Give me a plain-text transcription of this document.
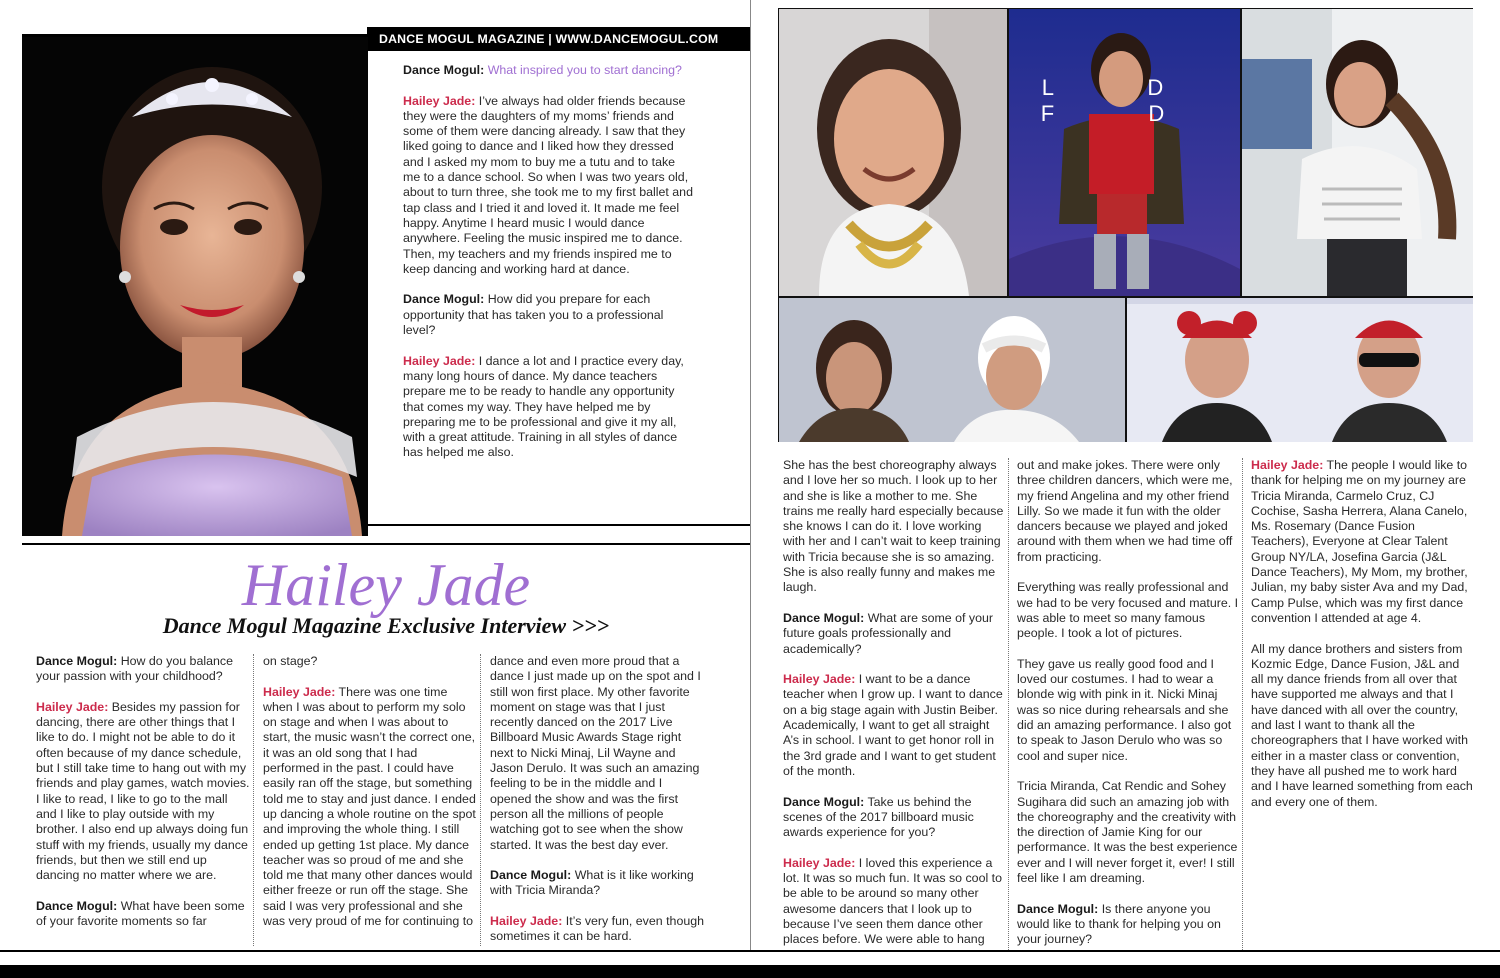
DANCE MOGUL MAGAZINE | WWW.DANCEMOGUL.COM

Dance Mogul: What inspired you to start dancing?

Hailey Jade: I’ve always had older friends because they were the daughters of my moms’ friends and some of them were dancing already. I saw that they liked going to dance and I liked how they dressed and I asked my mom to buy me a tutu and to take me to a dance school. So when I was two years old, about to turn three, she took me to my first ballet and tap class and I tried it and loved it. It made me feel happy. Anytime I heard music I would dance anywhere. Feeling the music inspired me to dance. Then, my teachers and my friends inspired me to keep dancing and working hard at dance.

Dance Mogul: How did you prepare for each opportunity that has taken you to a professional level?

Hailey Jade: I dance a lot and I practice every day, many long hours of dance. My dance teachers prepare me to be ready to handle any opportunity that comes my way. They have helped me by preparing me to be professional and give it my all, with a great attitude. Training in all styles of dance has helped me also.

Hailey Jade
Dance Mogul Magazine Exclusive Interview >>>

Dance Mogul: How do you balance your passion with your childhood?

Hailey Jade: Besides my passion for dancing, there are other things that I like to do. I might not be able to do it often because of my dance schedule, but I still take time to hang out with my friends and play games, watch movies. I like to read, I like to go to the mall and I like to play outside with my brother. I also end up always doing fun stuff with my friends, usually my dance friends, but then we still end up dancing no matter where we are.

Dance Mogul: What have been some of your favorite moments so far

on stage?

Hailey Jade: There was one time when I was about to perform my solo on stage and when I was about to start, the music wasn’t the correct one, it was an old song that I had performed in the past. I could have easily ran off the stage, but something told me to stay and just dance. I ended up dancing a whole routine on the spot and improving the whole thing. I still ended up getting 1st place. My dance teacher was so proud of me and she told me that many other dances would either freeze or run off the stage. She said I was very professional and she was very proud of me for continuing to

dance and even more proud that a dance I just made up on the spot and I still won first place. My other favorite moment on stage was that I just recently danced on the 2017 Live Billboard Music Awards Stage right next to Nicki Minaj, Lil Wayne and Jason Derulo. It was such an amazing feeling to be in the middle and I opened the show and was the first person all the millions of people watching got to see when the show started. It was the best day ever.

Dance Mogul: What is it like working with Tricia Miranda?

Hailey Jade: It’s very fun, even though sometimes it can be hard.

L D F D

She has the best choreography always and I love her so much. I look up to her and she is like a mother to me. She trains me really hard especially because she knows I can do it. I love working with her and I can’t wait to keep training with Tricia because she is so amazing. She is also really funny and makes me laugh.

Dance Mogul: What are some of your future goals professionally and academically?

Hailey Jade: I want to be a dance teacher when I grow up. I want to dance on a big stage again with Justin Beiber. Academically, I want to get all straight A’s in school. I want to get honor roll in the 3rd grade and I want to get student of the month.

Dance Mogul: Take us behind the scenes of the 2017 billboard music awards experience for you?

Hailey Jade: I loved this experience a lot. It was so much fun. It was so cool to be able to be around so many other awesome dancers that I look up to because I’ve seen them dance other places before. We were able to hang

out and make jokes. There were only three children dancers, which were me, my friend Angelina and my other friend Lilly. So we made it fun with the older dancers because we played and joked around with them when we had time off from practicing.

Everything was really professional and we had to be very focused and mature. I was able to meet so many famous people. I took a lot of pictures.

They gave us really good food and I loved our costumes. I had to wear a blonde wig with pink in it. Nicki Minaj was so nice during rehearsals and she did an amazing performance. I also got to speak to Jason Derulo who was so cool and super nice.

Tricia Miranda, Cat Rendic and Sohey Sugihara did such an amazing job with the choreography and the creativity with the direction of Jamie King for our performance. It was the best experience ever and I will never forget it, ever! I still feel like I am dreaming.

Dance Mogul: Is there anyone you would like to thank for helping you on your journey?

Hailey Jade: The people I would like to thank for helping me on my journey are Tricia Miranda, Carmelo Cruz, CJ Cochise, Sasha Herrera, Alana Canelo, Ms. Rosemary (Dance Fusion Teachers), Everyone at Clear Talent Group NY/LA, Josefina Garcia (J&L Dance Teachers), My Mom, my brother, Julian, my baby sister Ava and my Dad, Camp Pulse, which was my first dance convention I attended at age 4.

All my dance brothers and sisters from Kozmic Edge, Dance Fusion, J&L and all my dance friends from all over that have supported me always and that I have danced with all over the country, and last I want to thank all the choreographers that I have worked with either in a master class or convention, they have all pushed me to work hard and I have learned something from each and every one of them.
